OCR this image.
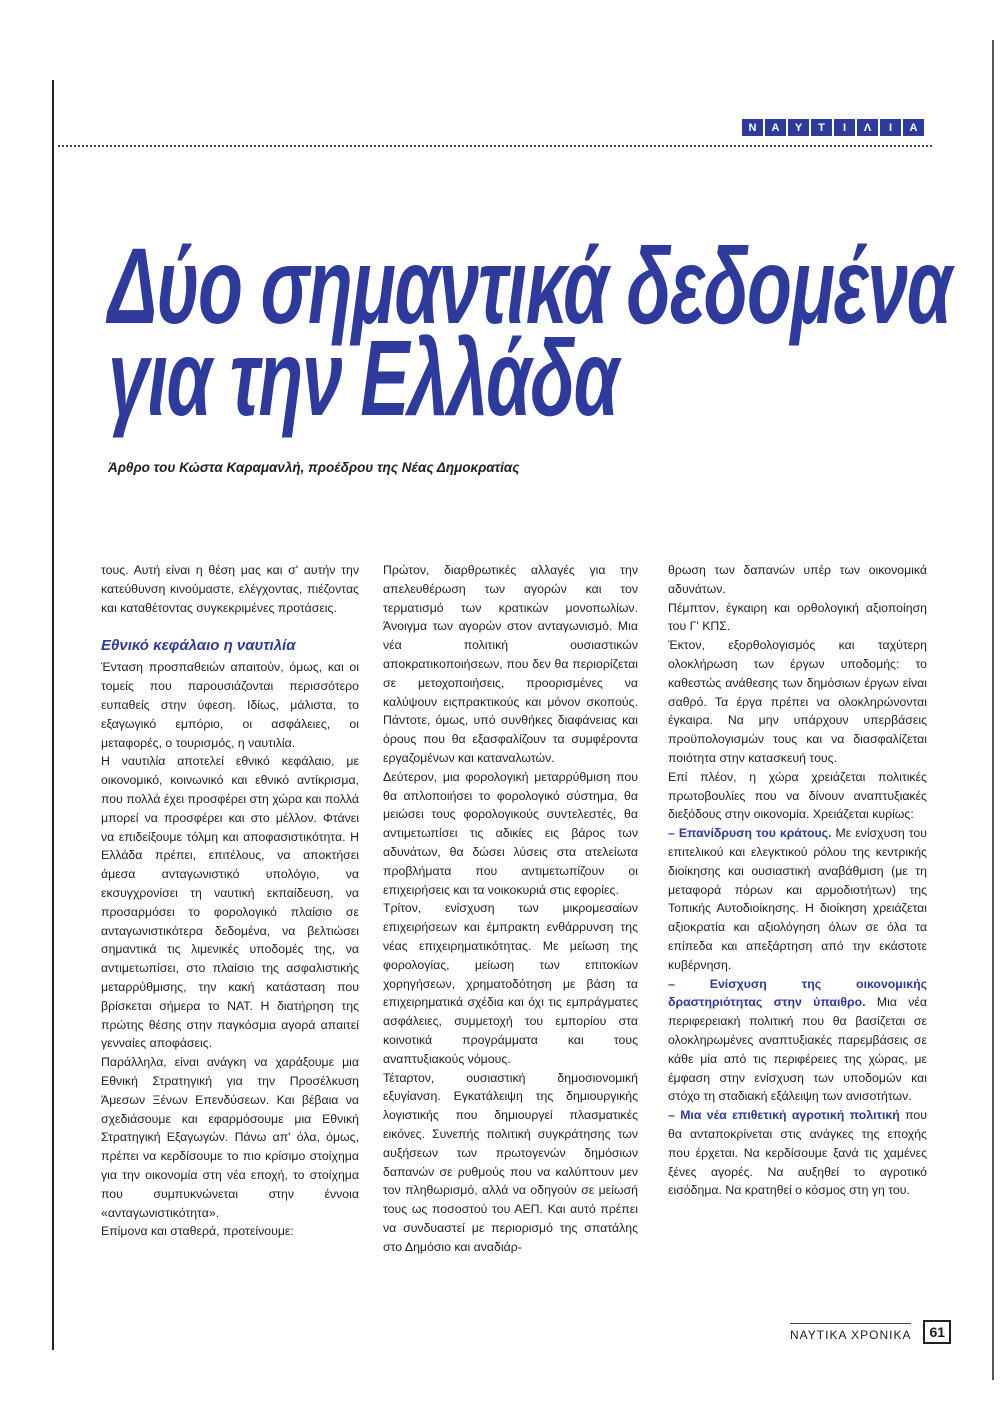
Ν	Α	Υ	Τ	Ι	Λ	Ι	Α
Δύο σημαντικά δεδομένα
για την Ελλάδα
Άρθρο του Κώστα Καραμανλή, προέδρου της Νέας Δημοκρατίας

τους. Αυτή είναι η θέση μας και σ' αυτήν την κατεύθυνση κινούμαστε, ελέγχοντας, πιέζοντας και καταθέτοντας συγκεκριμένες προτάσεις.

Εθνικό κεφάλαιο η ναυτιλία

Ένταση προσπαθειών απαιτούν, όμως, και οι τομείς που παρουσιάζονται περισσότερο ευπαθείς στην ύφεση. Ιδίως, μάλιστα, το εξαγωγικό εμπόριο, οι ασφάλειες, οι μεταφορές, ο τουρισμός, η ναυτιλία.

Η ναυτιλία αποτελεί εθνικό κεφάλαιο, με οικονομικό, κοινωνικό και εθνικό αντίκρισμα, που πολλά έχει προσφέρει στη χώρα και πολλά μπορεί να προσφέρει και στο μέλλον. Φτάνει να επιδείξουμε τόλμη και αποφασιστικότητα. Η Ελλάδα πρέπει, επιτέλους, να αποκτήσει άμεσα ανταγωνιστικό υπολόγιο, να εκσυγχρονίσει τη ναυτική εκπαίδευση, να προσαρμόσει το φορολογικό πλαίσιο σε ανταγωνιστικότερα δεδομένα, να βελτιώσει σημαντικά τις λιμενικές υποδομές της, να αντιμετωπίσει, στο πλαίσιο της ασφαλιστικής μεταρρύθμισης, την κακή κατάσταση που βρίσκεται σήμερα το ΝΑΤ. Η διατήρηση της πρώτης θέσης στην παγκόσμια αγορά απαιτεί γενναίες αποφάσεις.

Παράλληλα, είναι ανάγκη να χαράξουμε μια Εθνική Στρατηγική για την Προσέλκυση Άμεσων Ξένων Επενδύσεων. Και βέβαια να σχεδιάσουμε και εφαρμόσουμε μια Εθνική Στρατηγική Εξαγωγών. Πάνω απ' όλα, όμως, πρέπει να κερδίσουμε το πιο κρίσιμο στοίχημα για την οικονομία στη νέα εποχή, το στοίχημα που συμπυκνώνεται στην έννοια «ανταγωνιστικότητα».

Επίμονα και σταθερά, προτείνουμε:

Πρώτον, διαρθρωτικές αλλαγές για την απελευθέρωση των αγορών και τον τερματισμό των κρατικών μονοπωλίων. Άνοιγμα των αγορών στον ανταγωνισμό. Μια νέα πολιτική ουσιαστικών αποκρατικοποιήσεων, που δεν θα περιορίζεται σε μετοχοποιήσεις, προορισμένες να καλύψουν ειςπρακτικούς και μόνον σκοπούς. Πάντοτε, όμως, υπό συνθήκες διαφάνειας και όρους που θα εξασφαλίζουν τα συμφέροντα εργαζομένων και καταναλωτών.

Δεύτερον, μια φορολογική μεταρρύθμιση που θα απλοποιήσει το φορολογικό σύστημα, θα μειώσει τους φορολογικούς συντελεστές, θα αντιμετωπίσει τις αδικίες εις βάρος των αδυνάτων, θα δώσει λύσεις στα ατελείωτα προβλήματα που αντιμετωπίζουν οι επιχειρήσεις και τα νοικοκυριά στις εφορίες.

Τρίτον, ενίσχυση των μικρομεσαίων επιχειρήσεων και έμπρακτη ενθάρρυνση της νέας επιχειρηματικότητας. Με μείωση της φορολογίας, μείωση των επιτοκίων χορηγήσεων, χρηματοδότηση με βάση τα επιχειρηματικά σχέδια και όχι τις εμπράγματες ασφάλειες, συμμετοχή του εμπορίου στα κοινοτικά προγράμματα και τους αναπτυξιακούς νόμους.

Τέταρτον, ουσιαστική δημοσιονομική εξυγίανση. Εγκατάλειψη της δημιουργικής λογιστικής που δημιουργεί πλασματικές εικόνες. Συνεπής πολιτική συγκράτησης των αυξήσεων των πρωτογενών δημόσιων δαπανών σε ρυθμούς που να καλύπτουν μεν τον πληθωρισμό, αλλά να οδηγούν σε μείωσή τους ως ποσοστού του ΑΕΠ. Και αυτό πρέπει να συνδυαστεί με περιορισμό της σπατάλης στο Δημόσιο και αναδιάρ-

θρωση των δαπανών υπέρ των οικονομικά αδυνάτων.

Πέμπτον, έγκαιρη και ορθολογική αξιοποίηση του Γ' ΚΠΣ.

Έκτον, εξορθολογισμός και ταχύτερη ολοκλήρωση των έργων υποδομής: το καθεστώς ανάθεσης των δημόσιων έργων είναι σαθρό. Τα έργα πρέπει να ολοκληρώνονται έγκαιρα. Να μην υπάρχουν υπερβάσεις προϋπολογισμών τους και να διασφαλίζεται ποιότητα στην κατασκευή τους.

Επί πλέον, η χώρα χρειάζεται πολιτικές πρωτοβουλίες που να δίνουν αναπτυξιακές διεξόδους στην οικονομία. Χρειάζεται κυρίως:

– Επανίδρυση του κράτους. Με ενίσχυση του επιτελικού και ελεγκτικού ρόλου της κεντρικής διοίκησης και ουσιαστική αναβάθμιση (με τη μεταφορά πόρων και αρμοδιοτήτων) της Τοπικής Αυτοδιοίκησης. Η διοίκηση χρειάζεται αξιοκρατία και αξιολόγηση όλων σε όλα τα επίπεδα και απεξάρτηση από την εκάστοτε κυβέρνηση.

– Ενίσχυση της οικονομικής δραστηριότητας στην ύπαιθρο. Μια νέα περιφερειακή πολιτική που θα βασίζεται σε ολοκληρωμένες αναπτυξιακές παρεμβάσεις σε κάθε μία από τις περιφέρειες της χώρας, με έμφαση στην ενίσχυση των υποδομών και στόχο τη σταδιακή εξάλειψη των ανισοτήτων.

– Μια νέα επιθετική αγροτική πολιτική που θα ανταποκρίνεται στις ανάγκες της εποχής που έρχεται. Να κερδίσουμε ξανά τις χαμένες ξένες αγορές. Να αυξηθεί το αγροτικό εισόδημα. Να κρατηθεί ο κόσμος στη γη του.

ΝΑΥΤΙΚΑ ΧΡΟΝΙΚΑ	61
